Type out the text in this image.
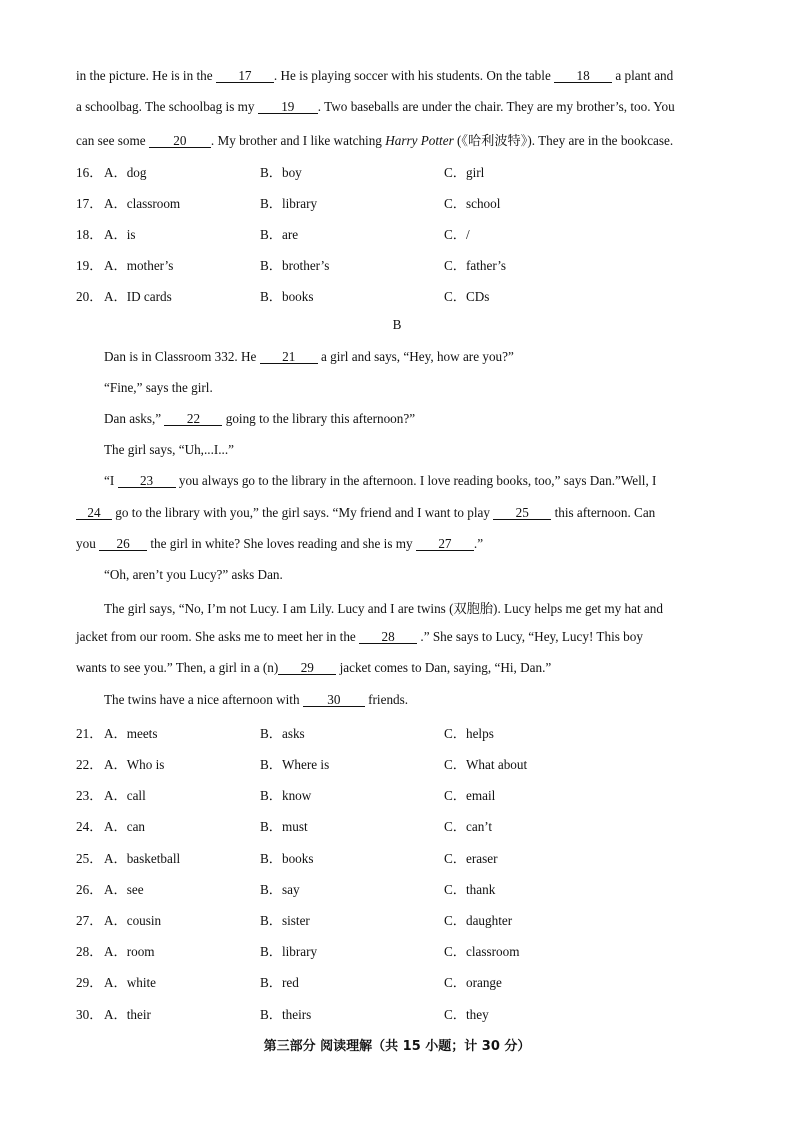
in the picture. He is in the 17 . He is playing soccer with his students. On the table 18 a plant and
a schoolbag. The schoolbag is my 19 . Two baseballs are under the chair. They are my brother’s, too. You
can see some 20 . My brother and I like watching Harry Potter (《哈利波特》). They are in the bookcase.
16． A．dog	B．boy	C．girl
17． A．classroom	B．library	C．school
18． A．is	B．are	C．/
19． A．mother’s	B．brother’s	C．father’s
20． A．ID cards	B．books	C．CDs
B
Dan is in Classroom 332. He 21 a girl and says, “Hey, how are you?”
“Fine,” says the girl.
Dan asks,” 22 going to the library this afternoon?”
The girl says, “Uh,...I...”
“I 23 you always go to the library in the afternoon. I love reading books, too,” says Dan.”Well, I
24 go to the library with you,” the girl says. “My friend and I want to play 25 this afternoon. Can
you 26 the girl in white? She loves reading and she is my 27 .”
“Oh, aren’t you Lucy?” asks Dan.
The girl says, “No, I’m not Lucy. I am Lily. Lucy and I are twins (双胞胎). Lucy helps me get my hat and
jacket from our room. She asks me to meet her in the 28 .” She says to Lucy, “Hey, Lucy! This boy
wants to see you.” Then, a girl in a (n) 29 jacket comes to Dan, saying, “Hi, Dan.”
The twins have a nice afternoon with 30 friends.
21． A．meets	B．asks	C．helps
22． A．Who is	B．Where is	C．What about
23． A．call	B．know	C．email
24． A．can	B．must	C．can’t
25． A．basketball	B．books	C．eraser
26． A．see	B．say	C．thank
27． A．cousin	B．sister	C．daughter
28． A．room	B．library	C．classroom
29． A．white	B．red	C．orange
30． A．their	B．theirs	C．they
第三部分 阅读理解（共 15 小题；计 30 分）
